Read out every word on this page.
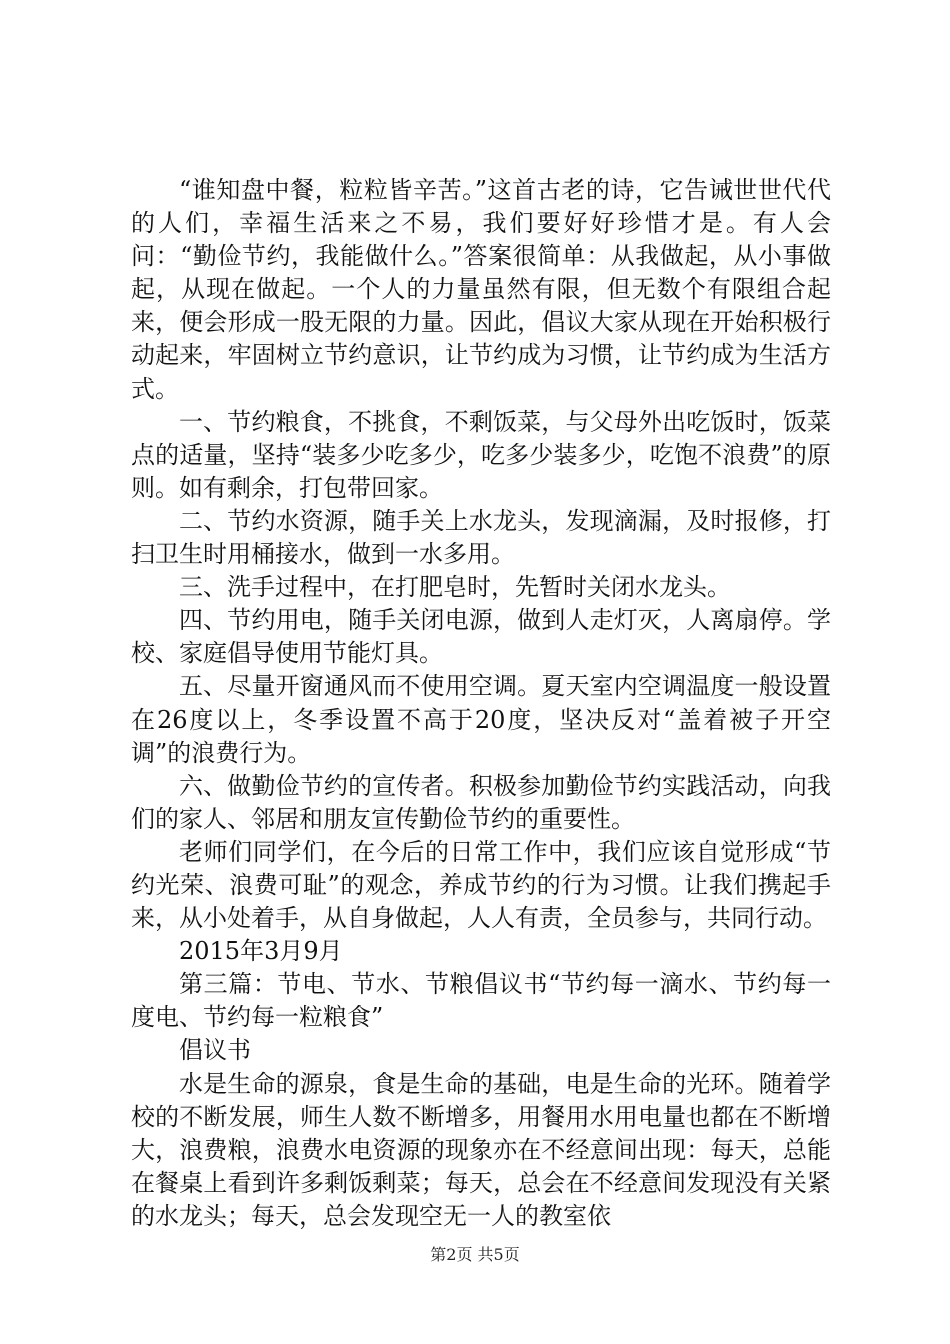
“谁知盘中餐，粒粒皆辛苦。”这首古老的诗，它告诫世世代代的人们，幸福生活来之不易，我们要好好珍惜才是。有人会问：“勤俭节约，我能做什么。”答案很简单：从我做起，从小事做起，从现在做起。一个人的力量虽然有限，但无数个有限组合起来，便会形成一股无限的力量。因此，倡议大家从现在开始积极行动起来，牢固树立节约意识，让节约成为习惯，让节约成为生活方式。

一、节约粮食，不挑食，不剩饭菜，与父母外出吃饭时，饭菜点的适量，坚持“装多少吃多少，吃多少装多少，吃饱不浪费”的原则。如有剩余，打包带回家。

二、节约水资源，随手关上水龙头，发现滴漏，及时报修，打扫卫生时用桶接水，做到一水多用。

三、洗手过程中，在打肥皂时，先暂时关闭水龙头。

四、节约用电，随手关闭电源，做到人走灯灭，人离扇停。学校、家庭倡导使用节能灯具。

五、尽量开窗通风而不使用空调。夏天室内空调温度一般设置在26度以上，冬季设置不高于20度，坚决反对“盖着被子开空调”的浪费行为。

六、做勤俭节约的宣传者。积极参加勤俭节约实践活动，向我们的家人、邻居和朋友宣传勤俭节约的重要性。

老师们同学们，在今后的日常工作中，我们应该自觉形成“节约光荣、浪费可耻”的观念，养成节约的行为习惯。让我们携起手来，从小处着手，从自身做起，人人有责，全员参与，共同行动。

2015年3月9月

第三篇：节电、节水、节粮倡议书“节约每一滴水、节约每一度电、节约每一粒粮食”

倡议书

水是生命的源泉，食是生命的基础，电是生命的光环。随着学校的不断发展，师生人数不断增多，用餐用水用电量也都在不断增大，浪费粮，浪费水电资源的现象亦在不经意间出现：每天，总能在餐桌上看到许多剩饭剩菜；每天，总会在不经意间发现没有关紧的水龙头；每天，总会发现空无一人的教室依

第2页 共5页
